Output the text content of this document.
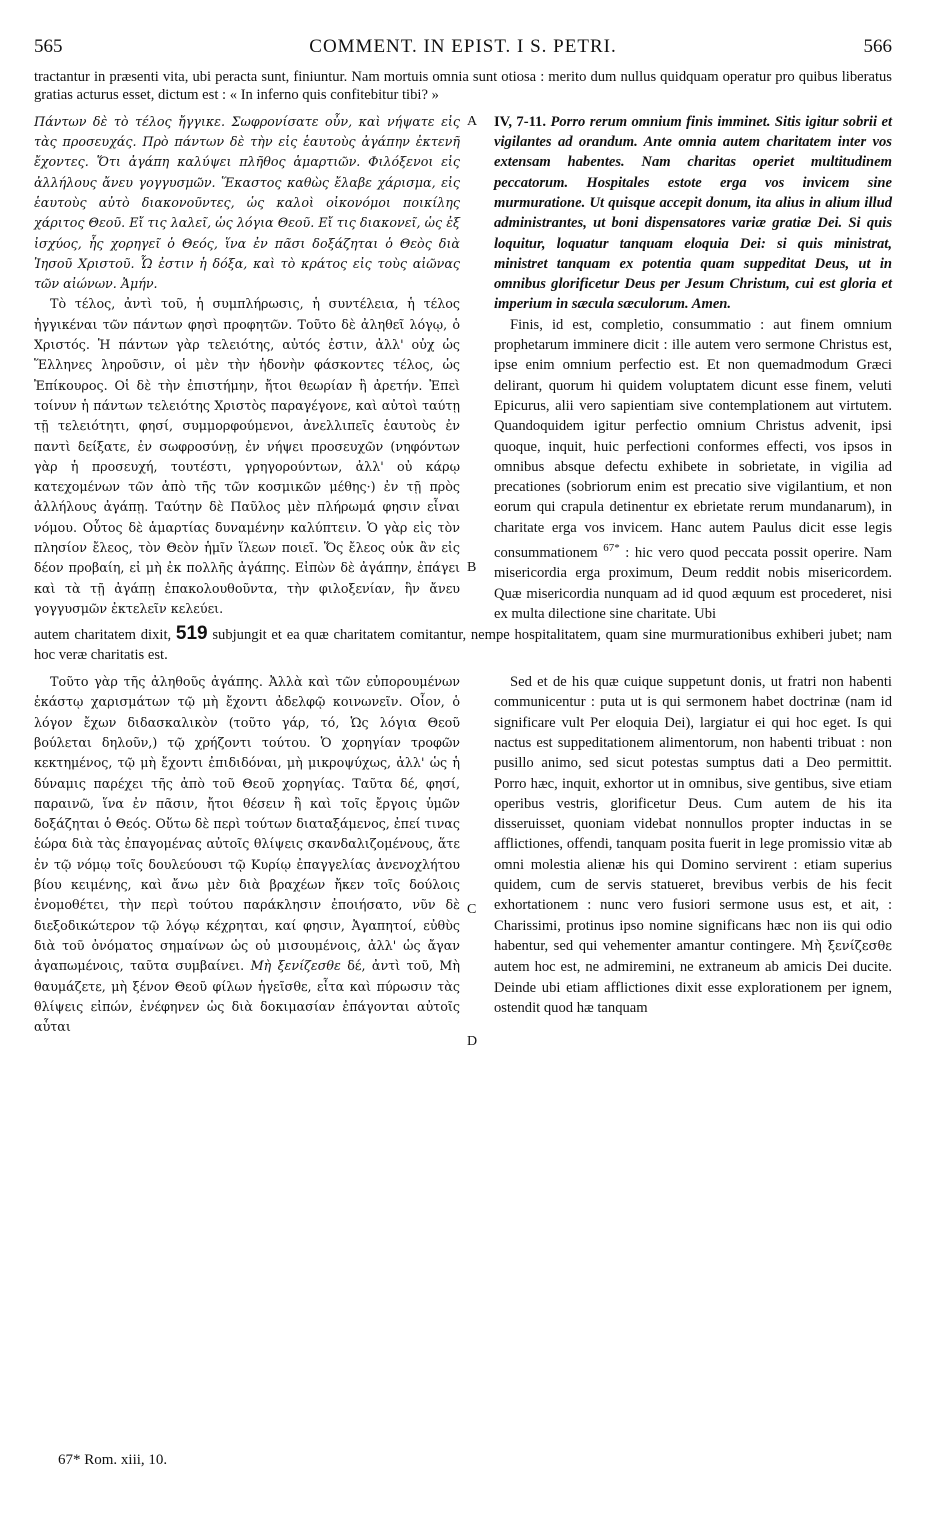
565	COMMENT. IN EPIST. I S. PETRI.	566
tractantur in præsenti vita, ubi peracta sunt, finiuntur. Nam mortuis omnia sunt otiosa : merito dum nullus quidquam operatur pro quibus liberatus gratias acturus esset, dictum est : « In inferno quis confitebitur tibi? »

Πάντων δὲ τὸ τέλος ἤγγικε. Σωφρονίσατε οὖν, καὶ νήψατε εἰς τὰς προσευχάς. Πρὸ πάντων δὲ τὴν εἰς ἑαυτοὺς ἀγάπην ἐκτενῆ ἔχοντες. Ὅτι ἀγάπη καλύψει πλῆθος ἁμαρτιῶν. Φιλόξενοι εἰς ἀλλήλους ἄνευ γογγυσμῶν. Ἕκαστος καθὼς ἔλαβε χάρισμα, εἰς ἑαυτοὺς αὐτὸ διακονοῦντες, ὡς καλοὶ οἰκονόμοι ποικίλης χάριτος Θεοῦ. Εἴ τις λαλεῖ, ὡς λόγια Θεοῦ. Εἴ τις διακονεῖ, ὡς ἐξ ἰσχύος, ἧς χορηγεῖ ὁ Θεός, ἵνα ἐν πᾶσι δοξάζηται ὁ Θεὸς διὰ Ἰησοῦ Χριστοῦ. Ὧ ἐστιν ἡ δόξα, καὶ τὸ κράτος εἰς τοὺς αἰῶνας τῶν αἰώνων. Ἀμήν.

Τὸ τέλος, ἀντὶ τοῦ, ἡ συμπλήρωσις, ἡ συντέλεια, ἡ τέλος ἠγγικέναι τῶν πάντων φησὶ προφητῶν. Τοῦτο δὲ ἀληθεῖ λόγῳ, ὁ Χριστός. Ἡ πάντων γὰρ τελειότης, αὐτός ἐστιν, ἀλλ' οὐχ ὡς Ἕλληνες ληροῦσιν, οἱ μὲν τὴν ἡδονὴν φάσκοντες τέλος, ὡς Ἐπίκουρος. Οἱ δὲ τὴν ἐπιστήμην, ἤτοι θεωρίαν ἢ ἀρετήν. Ἐπεὶ τοίνυν ἡ πάντων τελειότης Χριστὸς παραγέγονε, καὶ αὐτοὶ ταύτῃ τῇ τελειότητι, φησί, συμμορφούμενοι, ἀνελλιπεῖς ἑαυτοὺς ἐν παντὶ δείξατε, ἐν σωφροσύνῃ, ἐν νήψει προσευχῶν (νηφόντων γὰρ ἡ προσευχή, τουτέστι, γρηγορούντων, ἀλλ' οὐ κάρῳ κατεχομένων τῶν ἀπὸ τῆς τῶν κοσμικῶν μέθης·) ἐν τῇ πρὸς ἀλλήλους ἀγάπῃ. Ταύτην δὲ Παῦλος μὲν πλήρωμά φησιν εἶναι νόμου. Οὗτος δὲ ἁμαρτίας δυναμένην καλύπτειν. Ὁ γὰρ εἰς τὸν πλησίον ἔλεος, τὸν Θεὸν ἡμῖν ἵλεων ποιεῖ. Ὅς ἔλεος οὐκ ἂν εἰς δέον προβαίη, εἰ μὴ ἐκ πολλῆς ἀγάπης. Εἰπὼν δὲ ἀγάπην, ἐπάγει καὶ τὰ τῇ ἀγάπῃ ἐπακολουθοῦντα, τὴν φιλοξενίαν, ἣν ἄνευ γογγυσμῶν ἐκτελεῖν κελεύει.

A
B
C

IV, 7-11. Porro rerum omnium finis imminet. Sitis igitur sobrii et vigilantes ad orandum. Ante omnia autem charitatem inter vos extensam habentes. Nam charitas operiet multitudinem peccatorum. Hospitales estote erga vos invicem sine murmuratione. Ut quisque accepit donum, ita alius in alium illud administrantes, ut boni dispensatores variæ gratiæ Dei. Si quis loquitur, loquatur tanquam eloquia Dei: si quis ministrat, ministret tanquam ex potentia quam suppeditat Deus, ut in omnibus glorificetur Deus per Jesum Christum, cui est gloria et imperium in sæcula sæculorum. Amen.

Finis, id est, completio, consummatio : aut finem omnium prophetarum imminere dicit : ille autem vero sermone Christus est, ipse enim omnium perfectio est. Et non quemadmodum Græci delirant, quorum hi quidem voluptatem dicunt esse finem, veluti Epicurus, alii vero sapientiam sive contemplationem aut virtutem. Quandoquidem igitur perfectio omnium Christus advenit, ipsi quoque, inquit, huic perfectioni conformes effecti, vos ipsos in omnibus absque defectu exhibete in sobrietate, in vigilia ad precationes (sobriorum enim est precatio sive vigilantium, et non eorum qui crapula detinentur ex ebrietate rerum mundanarum), in charitate erga vos invicem. Hanc autem Paulus dicit esse legis consummationem $^{67*}$ : hic vero quod peccata possit operire. Nam misericordia erga proximum, Deum reddit nobis misericordem. Quæ misericordia nunquam ad id quod æquum est procederet, nisi ex multa dilectione sine charitate. Ubi

autem charitatem dixit, 519 subjungit et ea quæ charitatem comitantur, nempe hospitalitatem, quam sine murmurationibus exhiberi jubet; nam hoc veræ charitatis est.

Τοῦτο γὰρ τῆς ἀληθοῦς ἀγάπης. Ἀλλὰ καὶ τῶν εὐπορουμένων ἑκάστῳ χαρισμάτων τῷ μὴ ἔχοντι ἀδελφῷ κοινωνεῖν. Οἷον, ὁ λόγον ἔχων διδασκαλικὸν (τοῦτο γάρ, τό, Ὡς λόγια Θεοῦ βούλεται δηλοῦν,) τῷ χρήζοντι τούτου. Ὁ χορηγίαν τροφῶν κεκτημένος, τῷ μὴ ἔχοντι ἐπιδιδόναι, μὴ μικροψύχως, ἀλλ' ὡς ἡ δύναμις παρέχει τῆς ἀπὸ τοῦ Θεοῦ χορηγίας. Ταῦτα δέ, φησί, παραινῶ, ἵνα ἐν πᾶσιν, ἤτοι θέσειν ἢ καὶ τοῖς ἔργοις ὑμῶν δοξάζηται ὁ Θεός. Οὕτω δὲ περὶ τούτων διαταξάμενος, ἐπεί τινας ἑώρα διὰ τὰς ἐπαγομένας αὐτοῖς θλίψεις σκανδαλιζομένους, ἅτε ἐν τῷ νόμῳ τοῖς δουλεύουσι τῷ Κυρίῳ ἐπαγγελίας ἀνενοχλήτου βίου κειμένης, καὶ ἄνω μὲν διὰ βραχέων ἤκεν τοῖς δούλοις ἐνομοθέτει, τὴν περὶ τούτου παράκλησιν ἐποιήσατο, νῦν δὲ διεξοδικώτερον τῷ λόγῳ κέχρηται, καί φησιν, Ἀγαπητοί, εὐθὺς διὰ τοῦ ὀνόματος σημαίνων ὡς οὐ μισουμένοις, ἀλλ' ὡς ἄγαν ἀγαπωμένοις, ταῦτα συμβαίνει. Μὴ ξενίζεσθε δέ, ἀντὶ τοῦ, Μὴ θαυμάζετε, μὴ ξένον Θεοῦ φίλων ἡγεῖσθε, εἶτα καὶ πύρωσιν τὰς θλίψεις εἰπών, ἐνέφηνεν ὡς διὰ δοκιμασίαν ἐπάγονται αὐτοῖς αὗται

D

Sed et de his quæ cuique suppetunt donis, ut fratri non habenti communicentur : puta ut is qui sermonem habet doctrinæ (nam id significare vult Per eloquia Dei), largiatur ei qui hoc eget. Is qui nactus est suppeditationem alimentorum, non habenti tribuat : non pusillo animo, sed sicut potestas sumptus dati a Deo permittit. Porro hæc, inquit, exhortor ut in omnibus, sive gentibus, sive etiam operibus vestris, glorificetur Deus. Cum autem de his ita disseruisset, quoniam videbat nonnullos propter inductas in se afflictiones, offendi, tanquam posita fuerit in lege promissio vitæ ab omni molestia alienæ his qui Domino servirent : etiam superius quidem, cum de servis statueret, brevibus verbis de his fecit exhortationem : nunc vero fusiori sermone usus est, et ait, : Charissimi, protinus ipso nomine significans hæc non iis qui odio habentur, sed qui vehementer amantur contingere. Μὴ ξενίζεσθε autem hoc est, ne admiremini, ne extraneum ab amicis Dei ducite. Deinde ubi etiam afflictiones dixit esse explorationem per ignem, ostendit quod hæ tanquam

67* Rom. xiii, 10.
